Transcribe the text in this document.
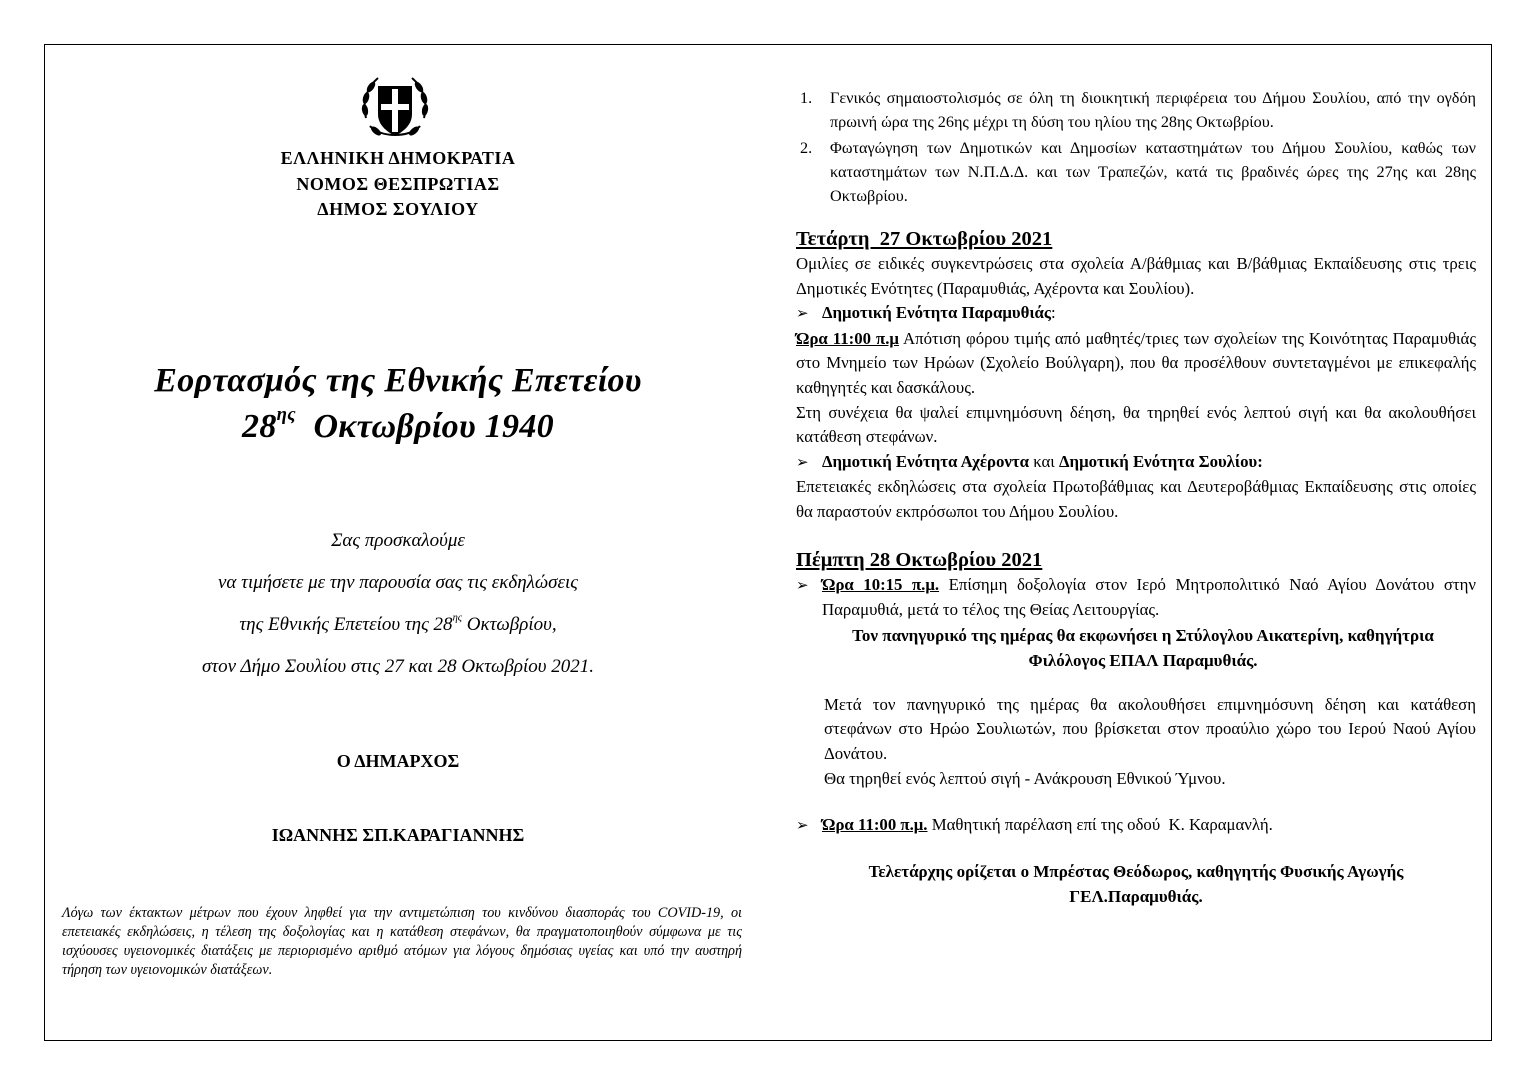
ΕΛΛΗΝΙΚΗ ΔΗΜΟΚΡΑΤΙΑ
ΝΟΜΟΣ ΘΕΣΠΡΩΤΙΑΣ
ΔΗΜΟΣ ΣΟΥΛΙΟΥ
Εορτασμός της Εθνικής Επετείου
$28^{\eta\varsigma}$  Οκτωβρίου 1940
Σας προσκαλούμε
να τιμήσετε με την παρουσία σας τις εκδηλώσεις
της Εθνικής Επετείου της $28^{\eta\varsigma}$ Οκτωβρίου,
στον Δήμο Σουλίου στις 27 και 28 Οκτωβρίου 2021.
Ο ΔΗΜΑΡΧΟΣ
ΙΩΑΝΝΗΣ ΣΠ.ΚΑΡΑΓΙΑΝΝΗΣ
Λόγω των έκτακτων μέτρων που έχουν ληφθεί για την αντιμετώπιση του κινδύνου διασποράς του COVID-19, οι επετειακές εκδηλώσεις, η τέλεση της δοξολογίας και η κατάθεση στεφάνων, θα πραγματοποιηθούν σύμφωνα με τις ισχύουσες υγειονομικές διατάξεις με περιορισμένο αριθμό ατόμων για λόγους δημόσιας υγείας και υπό την αυστηρή τήρηση των υγειονομικών διατάξεων.
1. Γενικός σημαιοστολισμός σε όλη τη διοικητική περιφέρεια του Δήμου Σουλίου, από την ογδόη πρωινή ώρα της 26ης μέχρι τη δύση του ηλίου της 28ης Οκτωβρίου.
2. Φωταγώγηση των Δημοτικών και Δημοσίων καταστημάτων του Δήμου Σουλίου, καθώς των καταστημάτων των Ν.Π.Δ.Δ. και των Τραπεζών, κατά τις βραδινές ώρες της 27ης και 28ης Οκτωβρίου.
Τετάρτη  27 Οκτωβρίου 2021
Ομιλίες σε ειδικές συγκεντρώσεις στα σχολεία Α/βάθμιας και Β/βάθμιας Εκπαίδευσης στις τρεις Δημοτικές Ενότητες (Παραμυθιάς, Αχέροντα και Σουλίου).
➢ Δημοτική Ενότητα Παραμυθιάς:
Ώρα 11:00 π.μ Απότιση φόρου τιμής από μαθητές/τριες των σχολείων της Κοινότητας Παραμυθιάς στο Μνημείο των Ηρώων (Σχολείο Βούλγαρη), που θα προσέλθουν συντεταγμένοι με επικεφαλής καθηγητές και δασκάλους.
Στη συνέχεια θα ψαλεί επιμνημόσυνη δέηση, θα τηρηθεί ενός λεπτού σιγή και θα ακολουθήσει κατάθεση στεφάνων.
➢ Δημοτική Ενότητα Αχέροντα και Δημοτική Ενότητα Σουλίου:
Επετειακές εκδηλώσεις στα σχολεία Πρωτοβάθμιας και Δευτεροβάθμιας Εκπαίδευσης στις οποίες θα παραστούν εκπρόσωποι του Δήμου Σουλίου.
Πέμπτη 28 Οκτωβρίου 2021
➢ Ώρα 10:15 π.μ. Επίσημη δοξολογία στον Ιερό Μητροπολιτικό Ναό Αγίου Δονάτου στην Παραμυθιά, μετά το τέλος της Θείας Λειτουργίας.
Τον πανηγυρικό της ημέρας θα εκφωνήσει η Στύλογλου Αικατερίνη, καθηγήτρια Φιλόλογος ΕΠΑΛ Παραμυθιάς.
Μετά τον πανηγυρικό της ημέρας θα ακολουθήσει επιμνημόσυνη δέηση και κατάθεση στεφάνων στο Ηρώο Σουλιωτών, που βρίσκεται στον προαύλιο χώρο του Ιερού Ναού Αγίου Δονάτου.
Θα τηρηθεί ενός λεπτού σιγή - Ανάκρουση Εθνικού Ύμνου.
➢ Ώρα 11:00 π.μ. Μαθητική παρέλαση επί της οδού  Κ. Καραμανλή.
Τελετάρχης ορίζεται ο Μπρέστας Θεόδωρος, καθηγητής Φυσικής Αγωγής ΓΕΛ.Παραμυθιάς.
